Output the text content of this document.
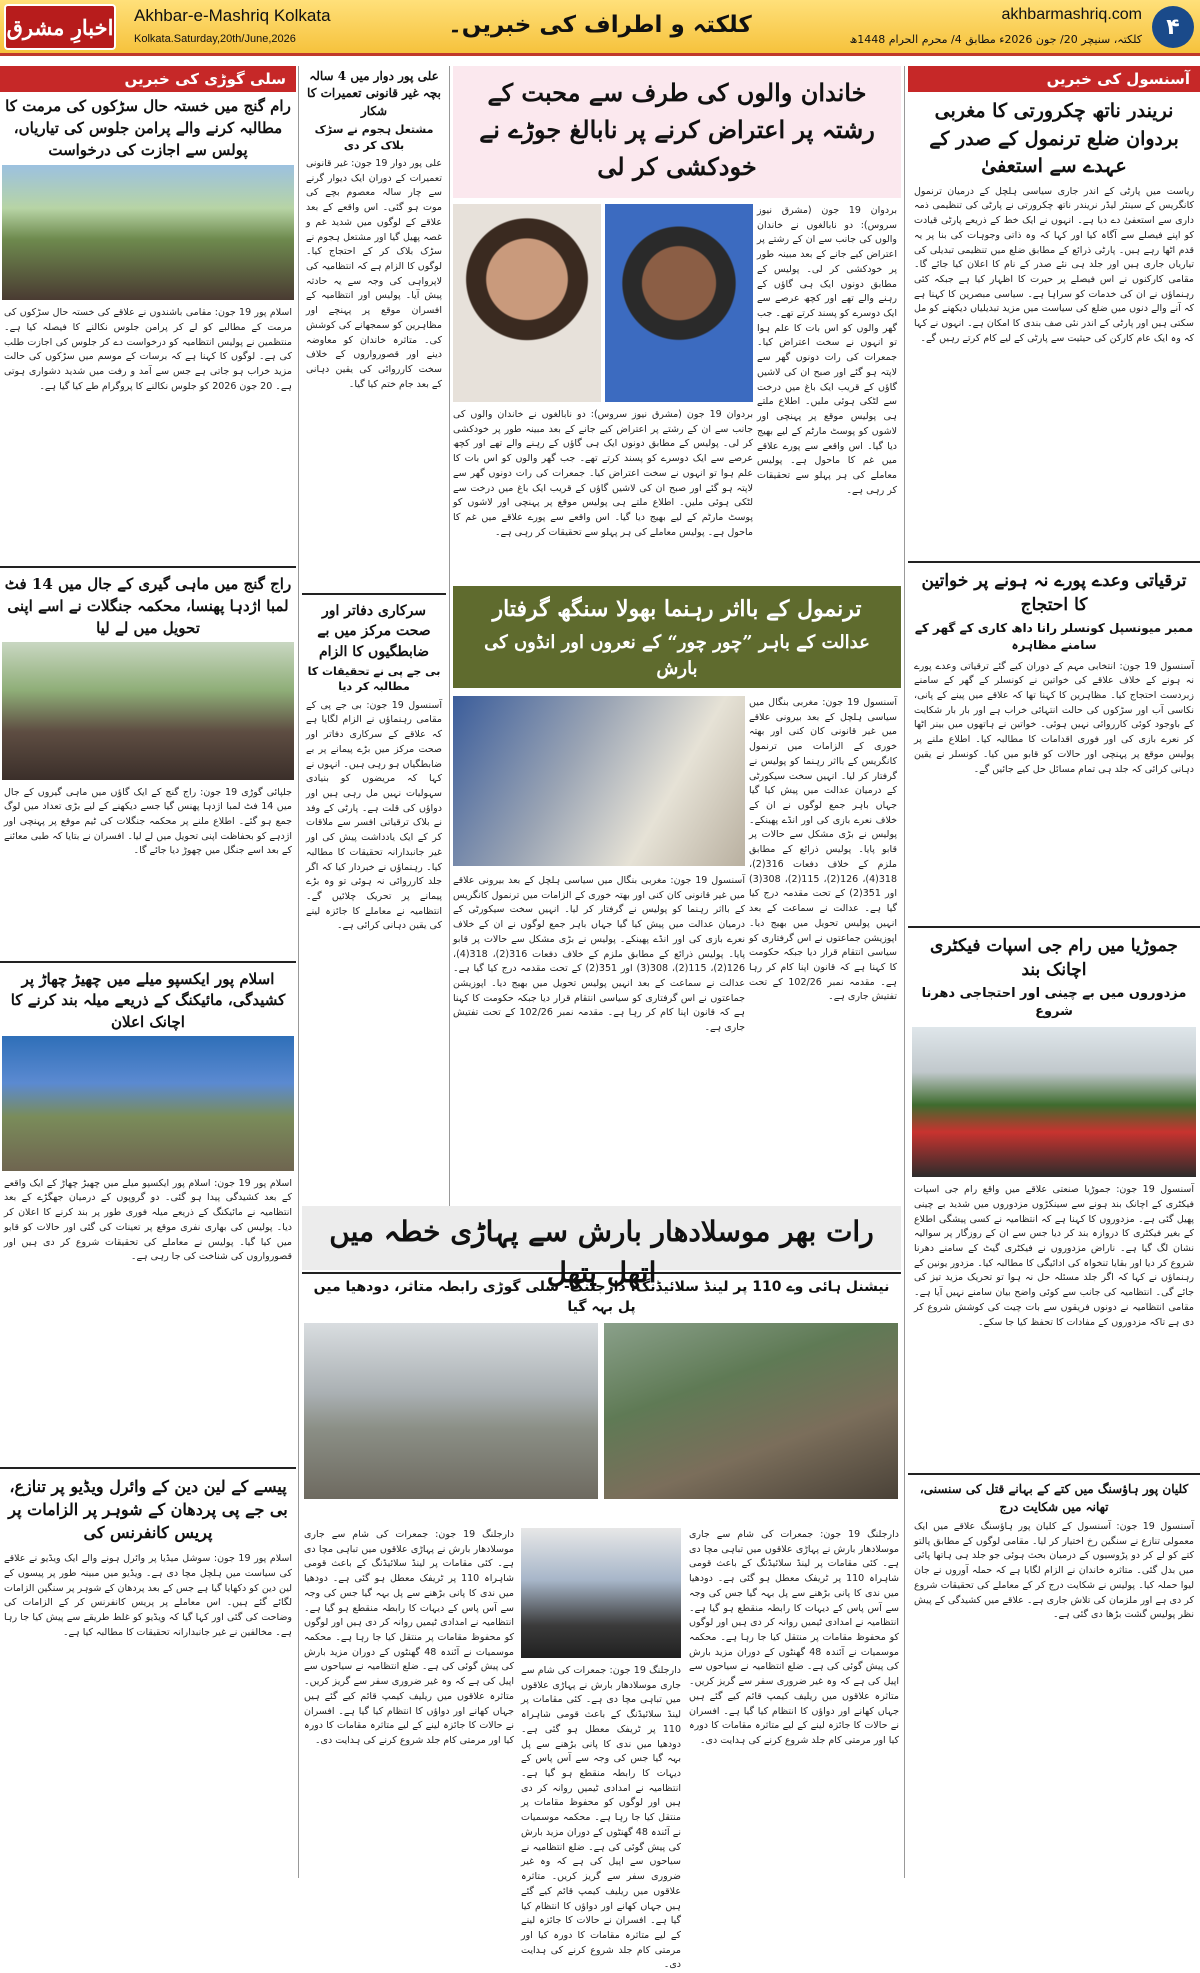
اخبارِ مشرق Akhbar-e-Mashriq Kolkata
Kolkata.Saturday,20th/June,2026
کلکتہ و اطراف کی خبریں۔	akhbarmashriq.com
کلکتہ، سنیچر 20/ جون 2026ء مطابق 4/ محرم الحرام 1448ھ	۴
آسنسول کی خبریں
نریندر ناتھ چکرورتی کا مغربی بردوان ضلع ترنمول کے صدر کے عہدے سے استعفیٰ
ریاست میں پارٹی کے اندر جاری سیاسی ہلچل کے درمیان ترنمول کانگریس کے سینئر لیڈر نریندر ناتھ چکرورتی نے پارٹی کی تنظیمی ذمہ داری سے استعفیٰ دے دیا ہے۔ انہوں نے ایک خط کے ذریعے پارٹی قیادت کو اپنے فیصلے سے آگاہ کیا اور کہا کہ وہ ذاتی وجوہات کی بنا پر یہ قدم اٹھا رہے ہیں۔ پارٹی ذرائع کے مطابق ضلع میں تنظیمی تبدیلی کی تیاریاں جاری ہیں اور جلد ہی نئے صدر کے نام کا اعلان کیا جائے گا۔ مقامی کارکنوں نے اس فیصلے پر حیرت کا اظہار کیا ہے جبکہ کئی رہنماؤں نے ان کی خدمات کو سراہا ہے۔ سیاسی مبصرین کا کہنا ہے کہ آنے والے دنوں میں ضلع کی سیاست میں مزید تبدیلیاں دیکھنے کو مل سکتی ہیں اور پارٹی کے اندر نئی صف بندی کا امکان ہے۔ انہوں نے کہا کہ وہ ایک عام کارکن کی حیثیت سے پارٹی کے لیے کام کرتے رہیں گے۔
ترقیاتی وعدے پورے نہ ہونے پر خواتین کا احتجاج
ممبر میونسپل کونسلر رانا داھ کاری کے گھر کے سامنے مظاہرہ
آسنسول 19 جون: انتخابی مہم کے دوران کیے گئے ترقیاتی وعدے پورے نہ ہونے کے خلاف علاقے کی خواتین نے کونسلر کے گھر کے سامنے زبردست احتجاج کیا۔ مظاہرین کا کہنا تھا کہ علاقے میں پینے کے پانی، نکاسی آب اور سڑکوں کی حالت انتہائی خراب ہے اور بار بار شکایت کے باوجود کوئی کارروائی نہیں ہوئی۔ خواتین نے ہاتھوں میں بینر اٹھا کر نعرے بازی کی اور فوری اقدامات کا مطالبہ کیا۔ اطلاع ملنے پر پولیس موقع پر پہنچی اور حالات کو قابو میں کیا۔ کونسلر نے یقین دہانی کرائی کہ جلد ہی تمام مسائل حل کیے جائیں گے۔
جموڑیا میں رام جی اسپات فیکٹری اچانک بند
مزدوروں میں بے چینی اور احتجاجی دھرنا شروع
آسنسول 19 جون: جموڑیا صنعتی علاقے میں واقع رام جی اسپات فیکٹری کے اچانک بند ہونے سے سینکڑوں مزدوروں میں شدید بے چینی پھیل گئی ہے۔ مزدوروں کا کہنا ہے کہ انتظامیہ نے کسی پیشگی اطلاع کے بغیر فیکٹری کا دروازہ بند کر دیا جس سے ان کے روزگار پر سوالیہ نشان لگ گیا ہے۔ ناراض مزدوروں نے فیکٹری گیٹ کے سامنے دھرنا شروع کر دیا اور بقایا تنخواہ کی ادائیگی کا مطالبہ کیا۔ مزدور یونین کے رہنماؤں نے کہا کہ اگر جلد مسئلہ حل نہ ہوا تو تحریک مزید تیز کی جائے گی۔ انتظامیہ کی جانب سے کوئی واضح بیان سامنے نہیں آیا ہے۔ مقامی انتظامیہ نے دونوں فریقوں سے بات چیت کی کوشش شروع کر دی ہے تاکہ مزدوروں کے مفادات کا تحفظ کیا جا سکے۔
کلیان پور ہاؤسنگ میں کتے کے بہانے قتل کی سنسنی، تھانہ میں شکایت درج
آسنسول 19 جون: آسنسول کے کلیان پور ہاؤسنگ علاقے میں ایک معمولی تنازع نے سنگین رخ اختیار کر لیا۔ مقامی لوگوں کے مطابق پالتو کتے کو لے کر دو پڑوسیوں کے درمیان بحث ہوئی جو جلد ہی ہاتھا پائی میں بدل گئی۔ متاثرہ خاندان نے الزام لگایا ہے کہ حملہ آوروں نے جان لیوا حملہ کیا۔ پولیس نے شکایت درج کر کے معاملے کی تحقیقات شروع کر دی ہے اور ملزمان کی تلاش جاری ہے۔ علاقے میں کشیدگی کے پیش نظر پولیس گشت بڑھا دی گئی ہے۔
خاندان والوں کی طرف سے محبت کے رشتہ پر اعتراض کرنے پر نابالغ جوڑے نے خودکشی کر لی
بردوان 19 جون (مشرق نیوز سروس): دو نابالغوں نے خاندان والوں کی جانب سے ان کے رشتے پر اعتراض کیے جانے کے بعد مبینہ طور پر خودکشی کر لی۔ پولیس کے مطابق دونوں ایک ہی گاؤں کے رہنے والے تھے اور کچھ عرصے سے ایک دوسرے کو پسند کرتے تھے۔ جب گھر والوں کو اس بات کا علم ہوا تو انہوں نے سخت اعتراض کیا۔ جمعرات کی رات دونوں گھر سے لاپتہ ہو گئے اور صبح ان کی لاشیں گاؤں کے قریب ایک باغ میں درخت سے لٹکی ہوئی ملیں۔ اطلاع ملتے ہی پولیس موقع پر پہنچی اور لاشوں کو پوسٹ مارٹم کے لیے بھیج دیا گیا۔ اس واقعے سے پورے علاقے میں غم کا ماحول ہے۔ پولیس معاملے کی ہر پہلو سے تحقیقات کر رہی ہے۔
بردوان 19 جون (مشرق نیوز سروس): دو نابالغوں نے خاندان والوں کی جانب سے ان کے رشتے پر اعتراض کیے جانے کے بعد مبینہ طور پر خودکشی کر لی۔ پولیس کے مطابق دونوں ایک ہی گاؤں کے رہنے والے تھے اور کچھ عرصے سے ایک دوسرے کو پسند کرتے تھے۔ جب گھر والوں کو اس بات کا علم ہوا تو انہوں نے سخت اعتراض کیا۔ جمعرات کی رات دونوں گھر سے لاپتہ ہو گئے اور صبح ان کی لاشیں گاؤں کے قریب ایک باغ میں درخت سے لٹکی ہوئی ملیں۔ اطلاع ملتے ہی پولیس موقع پر پہنچی اور لاشوں کو پوسٹ مارٹم کے لیے بھیج دیا گیا۔ اس واقعے سے پورے علاقے میں غم کا ماحول ہے۔ پولیس معاملے کی ہر پہلو سے تحقیقات کر رہی ہے۔
ترنمول کے بااثر رہنما بھولا سنگھ گرفتار
عدالت کے باہر ”چور چور“ کے نعروں اور انڈوں کی بارش
آسنسول 19 جون: مغربی بنگال میں سیاسی ہلچل کے بعد بیرونی علاقے میں غیر قانونی کان کنی اور بھتہ خوری کے الزامات میں ترنمول کانگریس کے بااثر رہنما کو پولیس نے گرفتار کر لیا۔ انہیں سخت سیکورٹی کے درمیان عدالت میں پیش کیا گیا جہاں باہر جمع لوگوں نے ان کے خلاف نعرے بازی کی اور انڈے پھینکے۔ پولیس نے بڑی مشکل سے حالات پر قابو پایا۔ پولیس ذرائع کے مطابق ملزم کے خلاف دفعات 316(2)، 318(4)، 126(2)، 115(2)، 308(3) اور 351(2) کے تحت مقدمہ درج کیا گیا ہے۔ عدالت نے سماعت کے بعد انہیں پولیس تحویل میں بھیج دیا۔ اپوزیشن جماعتوں نے اس گرفتاری کو سیاسی انتقام قرار دیا جبکہ حکومت کا کہنا ہے کہ قانون اپنا کام کر رہا ہے۔ مقدمہ نمبر 102/26 کے تحت تفتیش جاری ہے۔
آسنسول 19 جون: مغربی بنگال میں سیاسی ہلچل کے بعد بیرونی علاقے میں غیر قانونی کان کنی اور بھتہ خوری کے الزامات میں ترنمول کانگریس کے بااثر رہنما کو پولیس نے گرفتار کر لیا۔ انہیں سخت سیکورٹی کے درمیان عدالت میں پیش کیا گیا جہاں باہر جمع لوگوں نے ان کے خلاف نعرے بازی کی اور انڈے پھینکے۔ پولیس نے بڑی مشکل سے حالات پر قابو پایا۔ پولیس ذرائع کے مطابق ملزم کے خلاف دفعات 316(2)، 318(4)، 126(2)، 115(2)، 308(3) اور 351(2) کے تحت مقدمہ درج کیا گیا ہے۔ عدالت نے سماعت کے بعد انہیں پولیس تحویل میں بھیج دیا۔ اپوزیشن جماعتوں نے اس گرفتاری کو سیاسی انتقام قرار دیا جبکہ حکومت کا کہنا ہے کہ قانون اپنا کام کر رہا ہے۔ مقدمہ نمبر 102/26 کے تحت تفتیش جاری ہے۔
علی پور دوار میں 4 سالہ بچہ غیر قانونی تعمیرات کا شکار
مشتعل ہجوم نے سڑک بلاک کر دی
علی پور دوار 19 جون: غیر قانونی تعمیرات کے دوران ایک دیوار گرنے سے چار سالہ معصوم بچے کی موت ہو گئی۔ اس واقعے کے بعد علاقے کے لوگوں میں شدید غم و غصہ پھیل گیا اور مشتعل ہجوم نے سڑک بلاک کر کے احتجاج کیا۔ لوگوں کا الزام ہے کہ انتظامیہ کی لاپرواہی کی وجہ سے یہ حادثہ پیش آیا۔ پولیس اور انتظامیہ کے افسران موقع پر پہنچے اور مظاہرین کو سمجھانے کی کوشش کی۔ متاثرہ خاندان کو معاوضہ دینے اور قصورواروں کے خلاف سخت کارروائی کی یقین دہانی کے بعد جام ختم کیا گیا۔
سرکاری دفاتر اور صحت مرکز میں بے ضابطگیوں کا الزام
بی جے پی نے تحقیقات کا مطالبہ کر دیا
آسنسول 19 جون: بی جے پی کے مقامی رہنماؤں نے الزام لگایا ہے کہ علاقے کے سرکاری دفاتر اور صحت مرکز میں بڑے پیمانے پر بے ضابطگیاں ہو رہی ہیں۔ انہوں نے کہا کہ مریضوں کو بنیادی سہولیات نہیں مل رہی ہیں اور دواؤں کی قلت ہے۔ پارٹی کے وفد نے بلاک ترقیاتی افسر سے ملاقات کر کے ایک یادداشت پیش کی اور غیر جانبدارانہ تحقیقات کا مطالبہ کیا۔ رہنماؤں نے خبردار کیا کہ اگر جلد کارروائی نہ ہوئی تو وہ بڑے پیمانے پر تحریک چلائیں گے۔ انتظامیہ نے معاملے کا جائزہ لینے کی یقین دہانی کرائی ہے۔
رات بھر موسلادھار بارش سے پہاڑی خطہ میں اتھل پتھل
نیشنل ہائی وے 110 پر لینڈ سلائیڈنگ، دارجلنگ- سلی گوڑی رابطہ متاثر، دودھیا میں پل بہہ گیا
دارجلنگ 19 جون: جمعرات کی شام سے جاری موسلادھار بارش نے پہاڑی علاقوں میں تباہی مچا دی ہے۔ کئی مقامات پر لینڈ سلائیڈنگ کے باعث قومی شاہراہ 110 پر ٹریفک معطل ہو گئی ہے۔ دودھیا میں ندی کا پانی بڑھنے سے پل بہہ گیا جس کی وجہ سے آس پاس کے دیہات کا رابطہ منقطع ہو گیا ہے۔ انتظامیہ نے امدادی ٹیمیں روانہ کر دی ہیں اور لوگوں کو محفوظ مقامات پر منتقل کیا جا رہا ہے۔ محکمہ موسمیات نے آئندہ 48 گھنٹوں کے دوران مزید بارش کی پیش گوئی کی ہے۔ ضلع انتظامیہ نے سیاحوں سے اپیل کی ہے کہ وہ غیر ضروری سفر سے گریز کریں۔ متاثرہ علاقوں میں ریلیف کیمپ قائم کیے گئے ہیں جہاں کھانے اور دواؤں کا انتظام کیا گیا ہے۔ افسران نے حالات کا جائزہ لینے کے لیے متاثرہ مقامات کا دورہ کیا اور مرمتی کام جلد شروع کرنے کی ہدایت دی۔
دارجلنگ 19 جون: جمعرات کی شام سے جاری موسلادھار بارش نے پہاڑی علاقوں میں تباہی مچا دی ہے۔ کئی مقامات پر لینڈ سلائیڈنگ کے باعث قومی شاہراہ 110 پر ٹریفک معطل ہو گئی ہے۔ دودھیا میں ندی کا پانی بڑھنے سے پل بہہ گیا جس کی وجہ سے آس پاس کے دیہات کا رابطہ منقطع ہو گیا ہے۔ انتظامیہ نے امدادی ٹیمیں روانہ کر دی ہیں اور لوگوں کو محفوظ مقامات پر منتقل کیا جا رہا ہے۔ محکمہ موسمیات نے آئندہ 48 گھنٹوں کے دوران مزید بارش کی پیش گوئی کی ہے۔ ضلع انتظامیہ نے سیاحوں سے اپیل کی ہے کہ وہ غیر ضروری سفر سے گریز کریں۔ متاثرہ علاقوں میں ریلیف کیمپ قائم کیے گئے ہیں جہاں کھانے اور دواؤں کا انتظام کیا گیا ہے۔ افسران نے حالات کا جائزہ لینے کے لیے متاثرہ مقامات کا دورہ کیا اور مرمتی کام جلد شروع کرنے کی ہدایت دی۔
دارجلنگ 19 جون: جمعرات کی شام سے جاری موسلادھار بارش نے پہاڑی علاقوں میں تباہی مچا دی ہے۔ کئی مقامات پر لینڈ سلائیڈنگ کے باعث قومی شاہراہ 110 پر ٹریفک معطل ہو گئی ہے۔ دودھیا میں ندی کا پانی بڑھنے سے پل بہہ گیا جس کی وجہ سے آس پاس کے دیہات کا رابطہ منقطع ہو گیا ہے۔ انتظامیہ نے امدادی ٹیمیں روانہ کر دی ہیں اور لوگوں کو محفوظ مقامات پر منتقل کیا جا رہا ہے۔ محکمہ موسمیات نے آئندہ 48 گھنٹوں کے دوران مزید بارش کی پیش گوئی کی ہے۔ ضلع انتظامیہ نے سیاحوں سے اپیل کی ہے کہ وہ غیر ضروری سفر سے گریز کریں۔ متاثرہ علاقوں میں ریلیف کیمپ قائم کیے گئے ہیں جہاں کھانے اور دواؤں کا انتظام کیا گیا ہے۔ افسران نے حالات کا جائزہ لینے کے لیے متاثرہ مقامات کا دورہ کیا اور مرمتی کام جلد شروع کرنے کی ہدایت دی۔
سلی گوڑی کی خبریں
رام گنج میں خستہ حال سڑکوں کی مرمت کا مطالبہ کرنے والے پرامن جلوس کی تیاریاں، پولس سے اجازت کی درخواست
اسلام پور 19 جون: مقامی باشندوں نے علاقے کی خستہ حال سڑکوں کی مرمت کے مطالبے کو لے کر پرامن جلوس نکالنے کا فیصلہ کیا ہے۔ منتظمین نے پولیس انتظامیہ کو درخواست دے کر جلوس کی اجازت طلب کی ہے۔ لوگوں کا کہنا ہے کہ برسات کے موسم میں سڑکوں کی حالت مزید خراب ہو جاتی ہے جس سے آمد و رفت میں شدید دشواری ہوتی ہے۔ 20 جون 2026 کو جلوس نکالنے کا پروگرام طے کیا گیا ہے۔
راج گنج میں ماہی گیری کے جال میں 14 فٹ لمبا اژدہا پھنسا، محکمہ جنگلات نے اسے اپنی تحویل میں لے لیا
جلپائی گوڑی 19 جون: راج گنج کے ایک گاؤں میں ماہی گیروں کے جال میں 14 فٹ لمبا اژدہا پھنس گیا جسے دیکھنے کے لیے بڑی تعداد میں لوگ جمع ہو گئے۔ اطلاع ملنے پر محکمہ جنگلات کی ٹیم موقع پر پہنچی اور اژدہے کو بحفاظت اپنی تحویل میں لے لیا۔ افسران نے بتایا کہ طبی معائنے کے بعد اسے جنگل میں چھوڑ دیا جائے گا۔
اسلام پور ایکسپو میلے میں چھیڑ چھاڑ پر کشیدگی، مائیکنگ کے ذریعے میلہ بند کرنے کا اچانک اعلان
اسلام پور 19 جون: اسلام پور ایکسپو میلے میں چھیڑ چھاڑ کے ایک واقعے کے بعد کشیدگی پیدا ہو گئی۔ دو گروپوں کے درمیان جھگڑے کے بعد انتظامیہ نے مائیکنگ کے ذریعے میلہ فوری طور پر بند کرنے کا اعلان کر دیا۔ پولیس کی بھاری نفری موقع پر تعینات کی گئی اور حالات کو قابو میں کیا گیا۔ پولیس نے معاملے کی تحقیقات شروع کر دی ہیں اور قصورواروں کی شناخت کی جا رہی ہے۔
پیسے کے لین دین کے وائرل ویڈیو پر تنازع، بی جے پی پردھان کے شوہر پر الزامات پر پریس کانفرنس کی
اسلام پور 19 جون: سوشل میڈیا پر وائرل ہونے والے ایک ویڈیو نے علاقے کی سیاست میں ہلچل مچا دی ہے۔ ویڈیو میں مبینہ طور پر پیسوں کے لین دین کو دکھایا گیا ہے جس کے بعد پردھان کے شوہر پر سنگین الزامات لگائے گئے ہیں۔ اس معاملے پر پریس کانفرنس کر کے الزامات کی وضاحت کی گئی اور کہا گیا کہ ویڈیو کو غلط طریقے سے پیش کیا جا رہا ہے۔ مخالفین نے غیر جانبدارانہ تحقیقات کا مطالبہ کیا ہے۔
